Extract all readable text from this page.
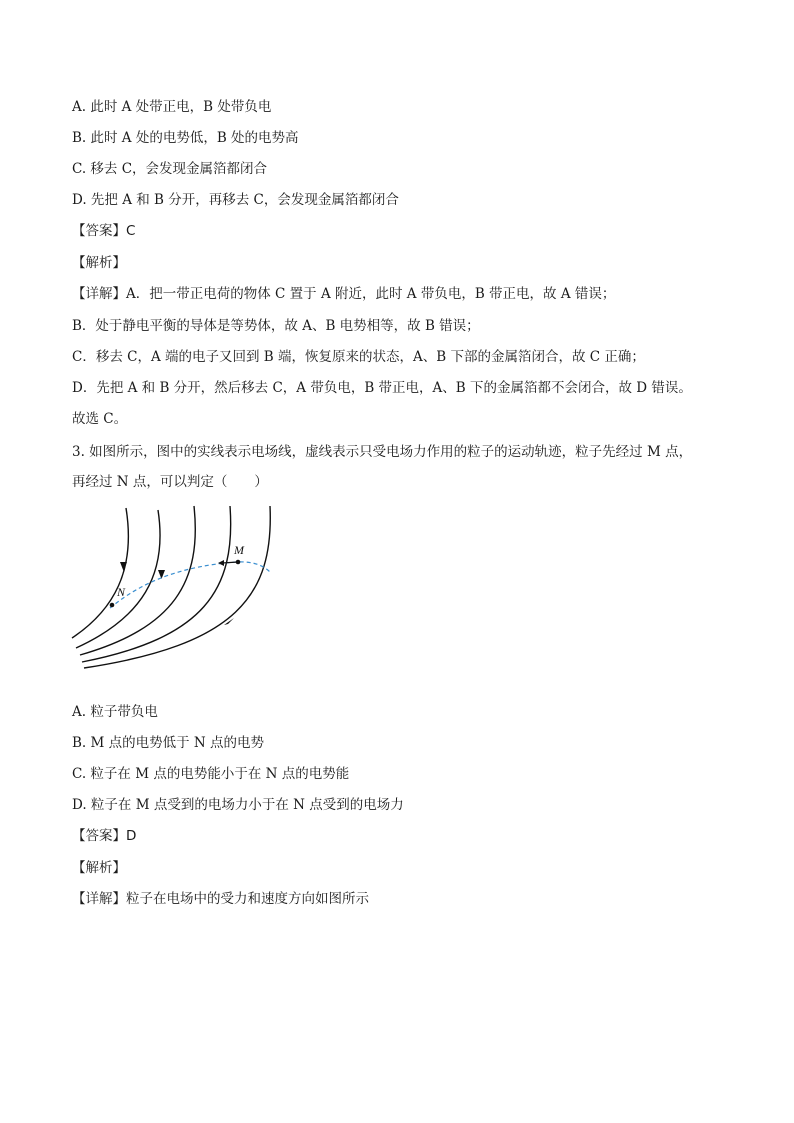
A. 此时 A 处带正电，B 处带负电
B. 此时 A 处的电势低，B 处的电势高
C. 移去 C，会发现金属箔都闭合
D. 先把 A 和 B 分开，再移去 C，会发现金属箔都闭合
【答案】C
【解析】
【详解】A．把一带正电荷的物体 C 置于 A 附近，此时 A 带负电，B 带正电，故 A 错误；
B．处于静电平衡的导体是等势体，故 A、B 电势相等，故 B 错误；
C．移去 C，A 端的电子又回到 B 端，恢复原来的状态，A、B 下部的金属箔闭合，故 C 正确；
D．先把 A 和 B 分开，然后移去 C，A 带负电，B 带正电，A、B 下的金属箔都不会闭合，故 D 错误。
故选 C。
3. 如图所示，图中的实线表示电场线，虚线表示只受电场力作用的粒子的运动轨迹，粒子先经过 M 点，
再经过 N 点，可以判定（　　）
M
N
A. 粒子带负电
B. M 点的电势低于 N 点的电势
C. 粒子在 M 点的电势能小于在 N 点的电势能
D. 粒子在 M 点受到的电场力小于在 N 点受到的电场力
【答案】D
【解析】
【详解】粒子在电场中的受力和速度方向如图所示
